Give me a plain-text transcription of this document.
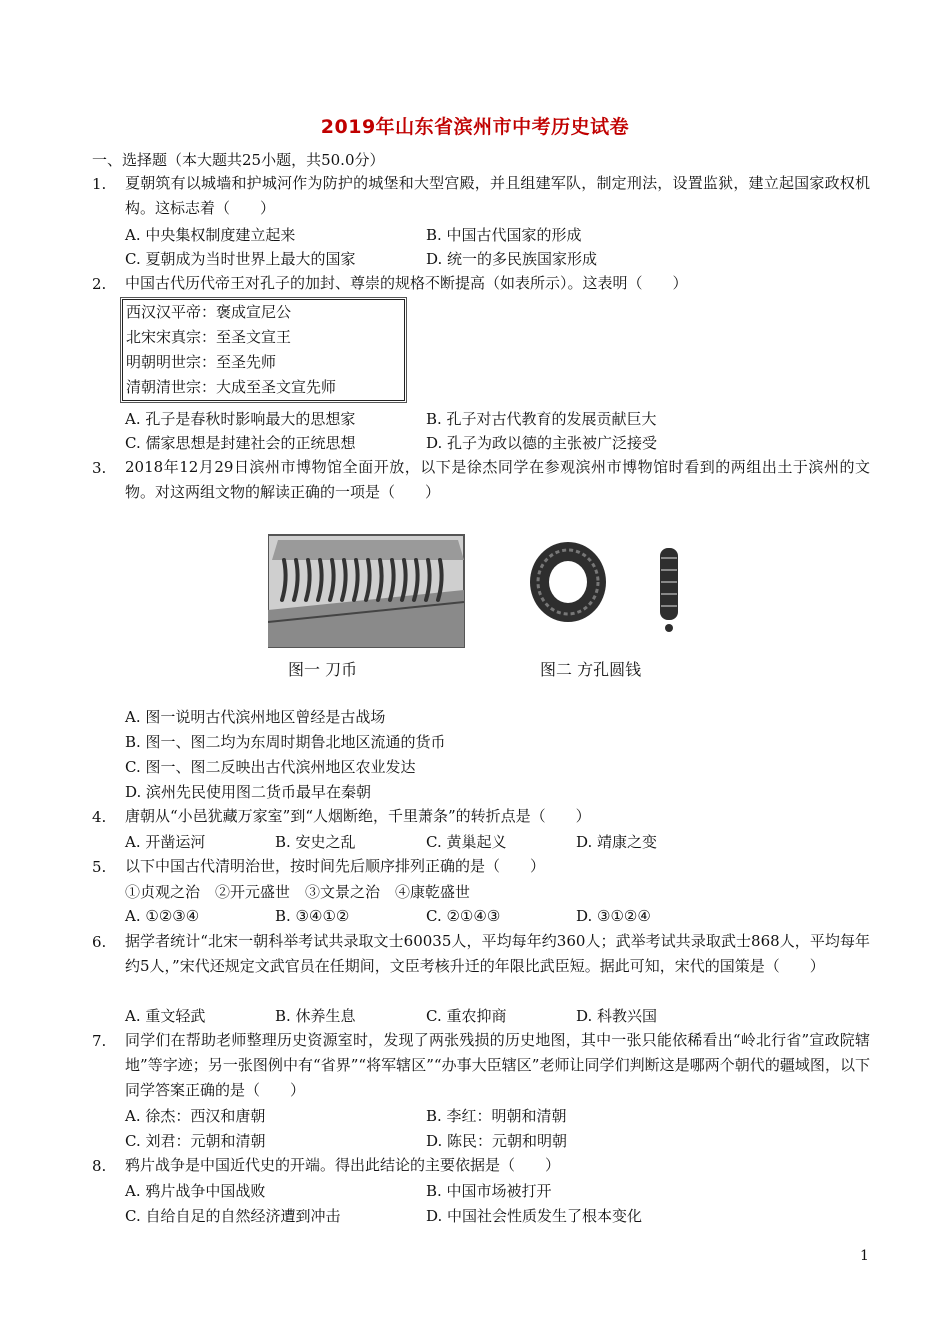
2019年山东省滨州市中考历史试卷
一、选择题（本大题共25小题，共50.0分）
1. 夏朝筑有以城墙和护城河作为防护的城堡和大型宫殿，并且组建军队，制定刑法，设置监狱，建立起国家政权机构。这标志着（　　）
A. 中央集权制度建立起来	B. 中国古代国家的形成
C. 夏朝成为当时世界上最大的国家	D. 统一的多民族国家形成
2. 中国古代历代帝王对孔子的加封、尊崇的规格不断提高（如表所示）。这表明（　　）
西汉汉平帝：褒成宣尼公
北宋宋真宗：至圣文宣王
明朝明世宗：至圣先师
清朝清世宗：大成至圣文宣先师
A. 孔子是春秋时影响最大的思想家	B. 孔子对古代教育的发展贡献巨大
C. 儒家思想是封建社会的正统思想	D. 孔子为政以德的主张被广泛接受
3. 2018年12月29日滨州市博物馆全面开放，以下是徐杰同学在参观滨州市博物馆时看到的两组出土于滨州的文物。对这两组文物的解读正确的一项是（　　）
图一 刀币	图二 方孔圆钱
A. 图一说明古代滨州地区曾经是古战场
B. 图一、图二均为东周时期鲁北地区流通的货币
C. 图一、图二反映出古代滨州地区农业发达
D. 滨州先民使用图二货币最早在秦朝
4. 唐朝从“小邑犹藏万家室”到“人烟断绝，千里萧条”的转折点是（　　）
A. 开凿运河	B. 安史之乱	C. 黄巢起义	D. 靖康之变
5. 以下中国古代清明治世，按时间先后顺序排列正确的是（　　）
①贞观之治　②开元盛世　③文景之治　④康乾盛世
A. ①②③④	B. ③④①②	C. ②①④③	D. ③①②④
6. 据学者统计“北宋一朝科举考试共录取文士60035人，平均每年约360人；武举考试共录取武士868人，平均每年约5人，”宋代还规定文武官员在任期间，文臣考核升迁的年限比武臣短。据此可知，宋代的国策是（　　）
A. 重文轻武	B. 休养生息	C. 重农抑商	D. 科教兴国
7. 同学们在帮助老师整理历史资源室时，发现了两张残损的历史地图，其中一张只能依稀看出“岭北行省”宣政院辖地”等字迹；另一张图例中有“省界”“将军辖区”“办事大臣辖区”老师让同学们判断这是哪两个朝代的疆域图，以下同学答案正确的是（　　）
A. 徐杰：西汉和唐朝	B. 李红：明朝和清朝
C. 刘君：元朝和清朝	D. 陈民：元朝和明朝
8. 鸦片战争是中国近代史的开端。得出此结论的主要依据是（　　）
A. 鸦片战争中国战败	B. 中国市场被打开
C. 自给自足的自然经济遭到冲击	D. 中国社会性质发生了根本变化
1
